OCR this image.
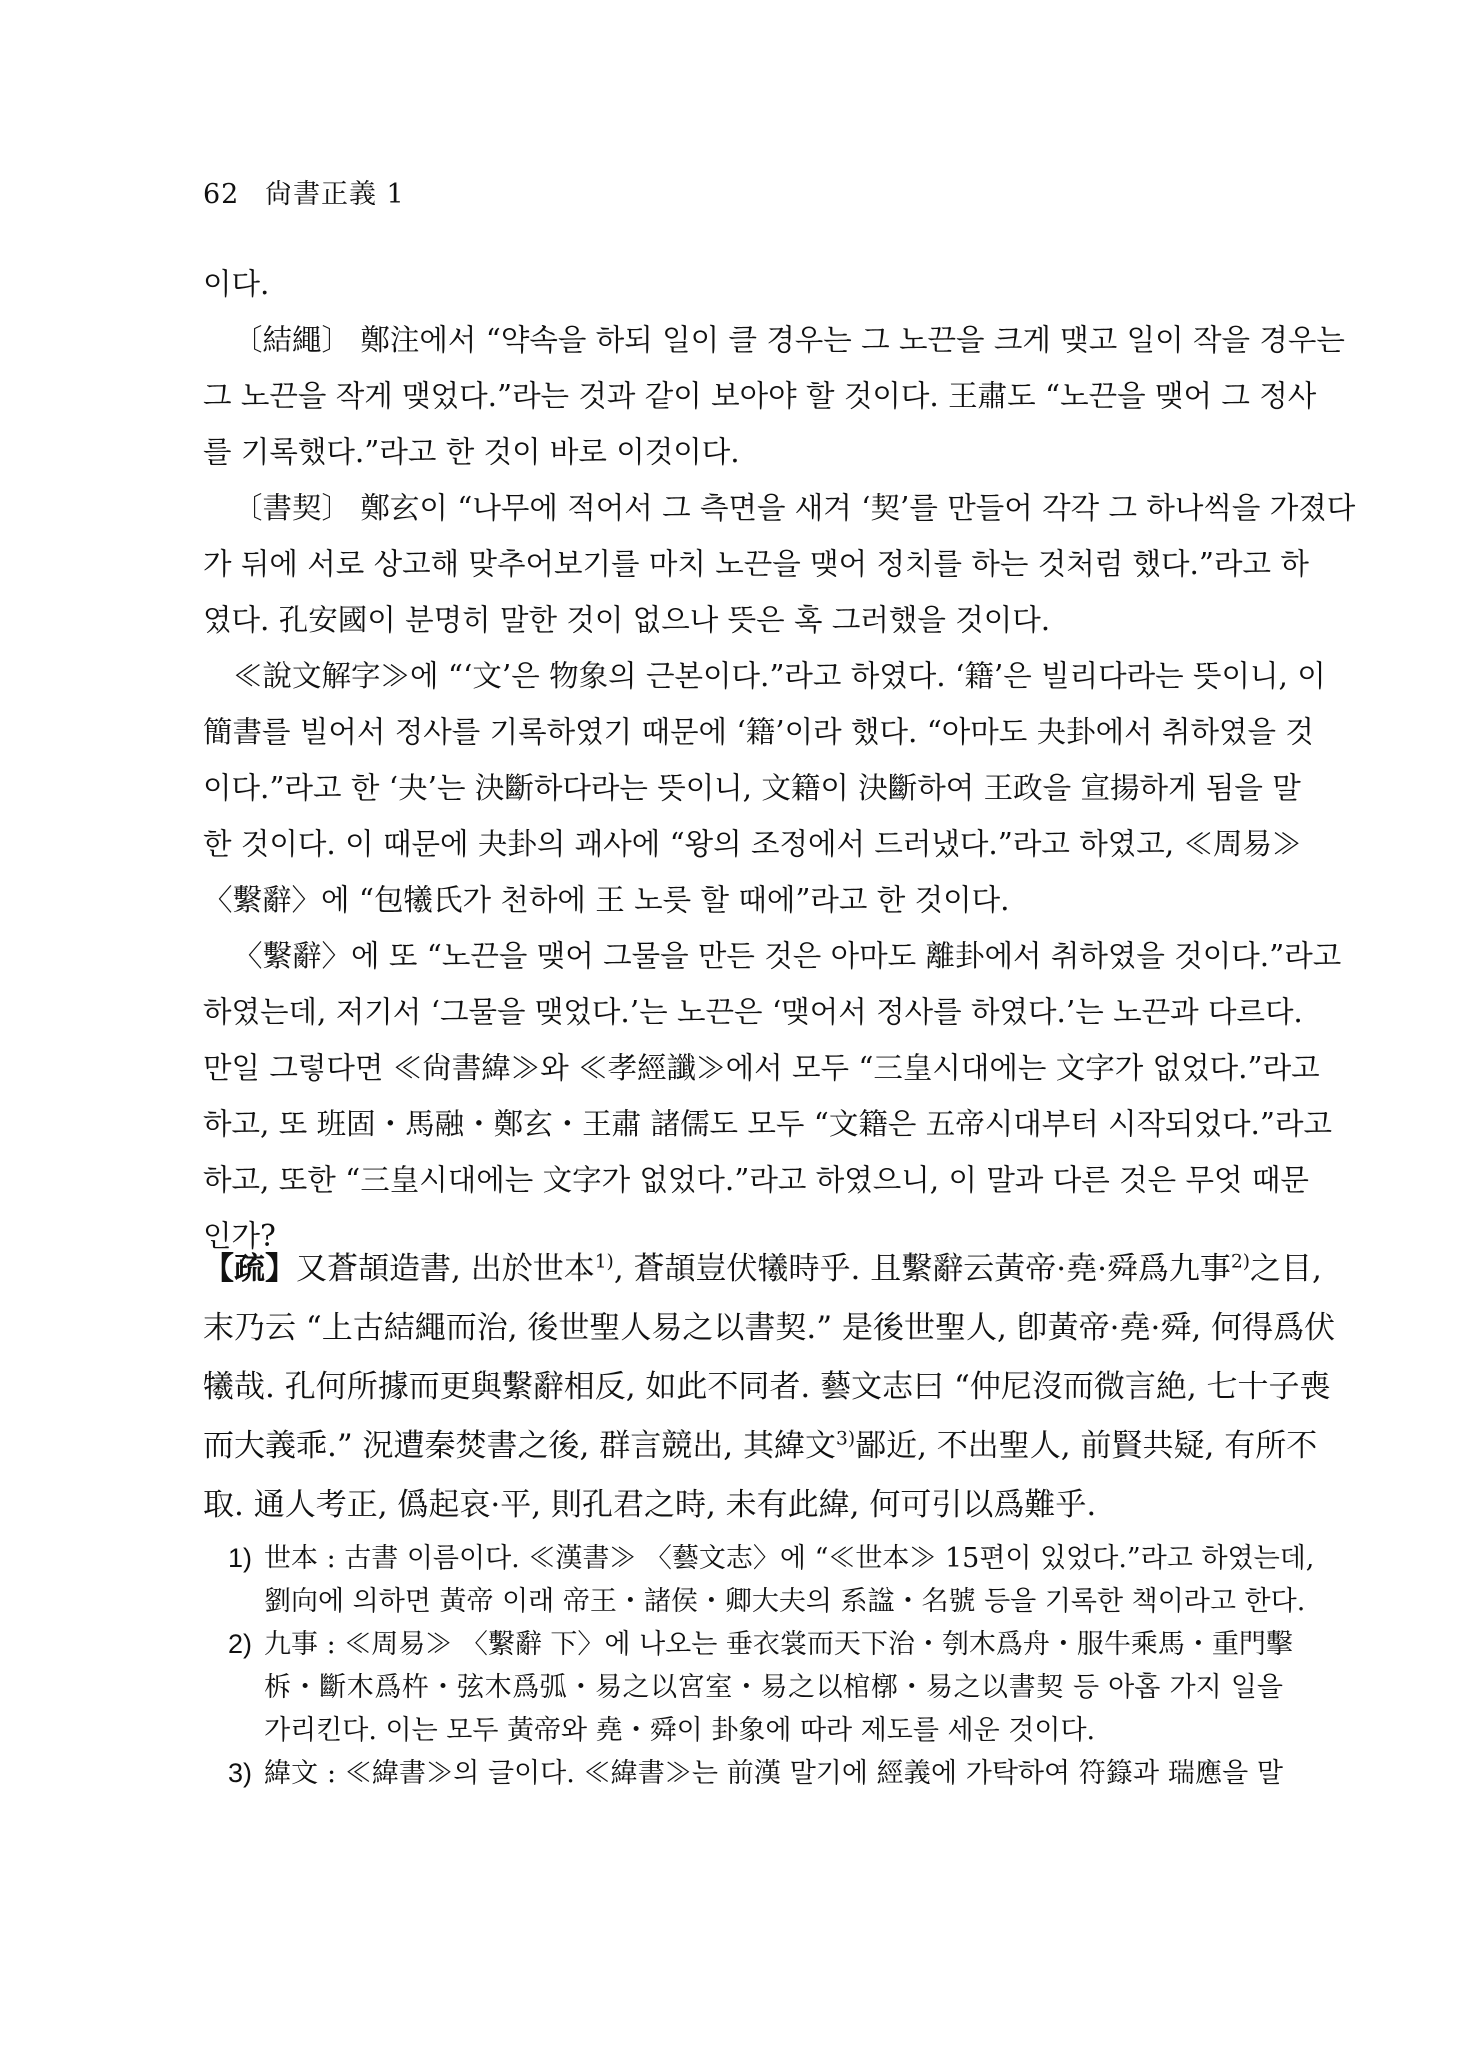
62 尙書正義 1
이다.
〔結繩〕 鄭注에서 “약속을 하되 일이 클 경우는 그 노끈을 크게 맺고 일이 작을 경우는
그 노끈을 작게 맺었다.”라는 것과 같이 보아야 할 것이다. 王肅도 “노끈을 맺어 그 정사
를 기록했다.”라고 한 것이 바로 이것이다.
〔書契〕 鄭玄이 “나무에 적어서 그 측면을 새겨 ‘契’를 만들어 각각 그 하나씩을 가졌다
가 뒤에 서로 상고해 맞추어보기를 마치 노끈을 맺어 정치를 하는 것처럼 했다.”라고 하
였다. 孔安國이 분명히 말한 것이 없으나 뜻은 혹 그러했을 것이다.
≪說文解字≫에 “‘文’은 物象의 근본이다.”라고 하였다. ‘籍’은 빌리다라는 뜻이니, 이
簡書를 빌어서 정사를 기록하였기 때문에 ‘籍’이라 했다. “아마도 夬卦에서 취하였을 것
이다.”라고 한 ‘夬’는 決斷하다라는 뜻이니, 文籍이 決斷하여 王政을 宣揚하게 됨을 말
한 것이다. 이 때문에 夬卦의 괘사에 “왕의 조정에서 드러냈다.”라고 하였고, ≪周易≫
〈繫辭〉에 “包犧氏가 천하에 王 노릇 할 때에”라고 한 것이다.
〈繫辭〉에 또 “노끈을 맺어 그물을 만든 것은 아마도 離卦에서 취하였을 것이다.”라고
하였는데, 저기서 ‘그물을 맺었다.’는 노끈은 ‘맺어서 정사를 하였다.’는 노끈과 다르다.
만일 그렇다면 ≪尙書緯≫와 ≪孝經讖≫에서 모두 “三皇시대에는 文字가 없었다.”라고
하고, 또 班固・馬融・鄭玄・王肅 諸儒도 모두 “文籍은 五帝시대부터 시작되었다.”라고
하고, 또한 “三皇시대에는 文字가 없었다.”라고 하였으니, 이 말과 다른 것은 무엇 때문
인가?
【疏】又蒼頡造書, 出於世本$^{1)}$, 蒼頡豈伏犧時乎. 且繫辭云黃帝·堯·舜爲九事$^{2)}$之目,
末乃云 “上古結繩而治, 後世聖人易之以書契.” 是後世聖人, 卽黃帝·堯·舜, 何得爲伏
犧哉. 孔何所據而更與繫辭相反, 如此不同者. 藝文志曰 “仲尼沒而微言絶, 七十子喪
而大義乖.” 況遭秦焚書之後, 群言競出, 其緯文$^{3)}$鄙近, 不出聖人, 前賢共疑, 有所不
取. 通人考正, 僞起哀·平, 則孔君之時, 未有此緯, 何可引以爲難乎.
1) 世本 : 古書 이름이다. ≪漢書≫ 〈藝文志〉에 “≪世本≫ 15편이 있었다.”라고 하였는데,
劉向에 의하면 黃帝 이래 帝王・諸侯・卿大夫의 系諡・名號 등을 기록한 책이라고 한다.
2) 九事 : ≪周易≫ 〈繫辭 下〉에 나오는 垂衣裳而天下治・刳木爲舟・服牛乘馬・重門擊
柝・斷木爲杵・弦木爲弧・易之以宮室・易之以棺槨・易之以書契 등 아홉 가지 일을
가리킨다. 이는 모두 黃帝와 堯・舜이 卦象에 따라 제도를 세운 것이다.
3) 緯文 : ≪緯書≫의 글이다. ≪緯書≫는 前漢 말기에 經義에 가탁하여 符籙과 瑞應을 말
